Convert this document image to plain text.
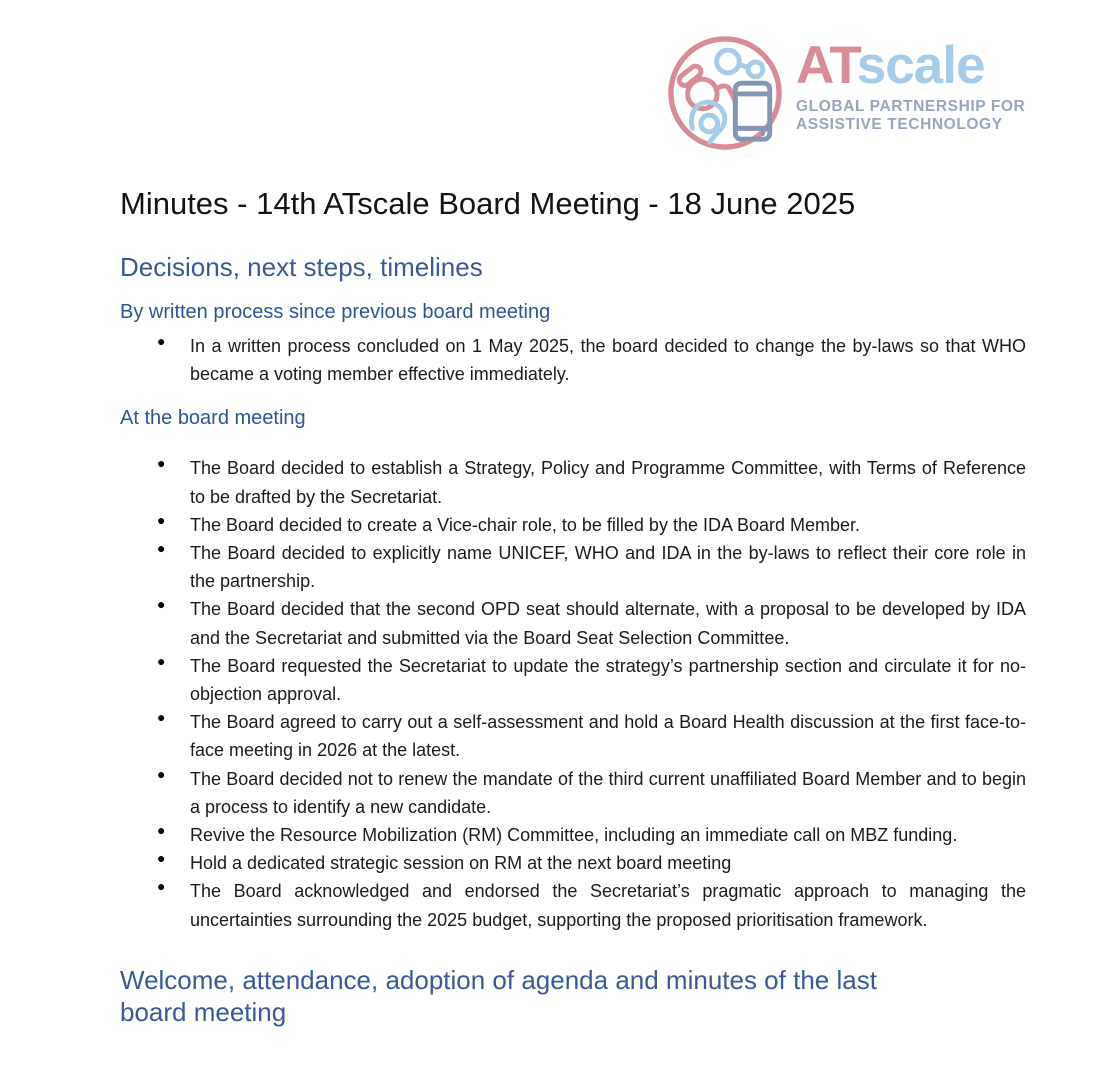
ATscale
GLOBAL PARTNERSHIP FOR
ASSISTIVE TECHNOLOGY
Minutes - 14th ATscale Board Meeting - 18 June 2025
Decisions, next steps, timelines
By written process since previous board meeting
● In a written process concluded on 1 May 2025, the board decided to change the by-laws so that WHO became a voting member effective immediately.
At the board meeting
● The Board decided to establish a Strategy, Policy and Programme Committee, with Terms of Reference to be drafted by the Secretariat.
● The Board decided to create a Vice-chair role, to be filled by the IDA Board Member.
● The Board decided to explicitly name UNICEF, WHO and IDA in the by-laws to reflect their core role in the partnership.
● The Board decided that the second OPD seat should alternate, with a proposal to be developed by IDA and the Secretariat and submitted via the Board Seat Selection Committee.
● The Board requested the Secretariat to update the strategy’s partnership section and circulate it for no-objection approval.
● The Board agreed to carry out a self-assessment and hold a Board Health discussion at the first face-to-face meeting in 2026 at the latest.
● The Board decided not to renew the mandate of the third current unaffiliated Board Member and to begin a process to identify a new candidate.
● Revive the Resource Mobilization (RM) Committee, including an immediate call on MBZ funding.
● Hold a dedicated strategic session on RM at the next board meeting
● The Board acknowledged and endorsed the Secretariat’s pragmatic approach to managing the uncertainties surrounding the 2025 budget, supporting the proposed prioritisation framework.
Welcome, attendance, adoption of agenda and minutes of the last
board meeting
